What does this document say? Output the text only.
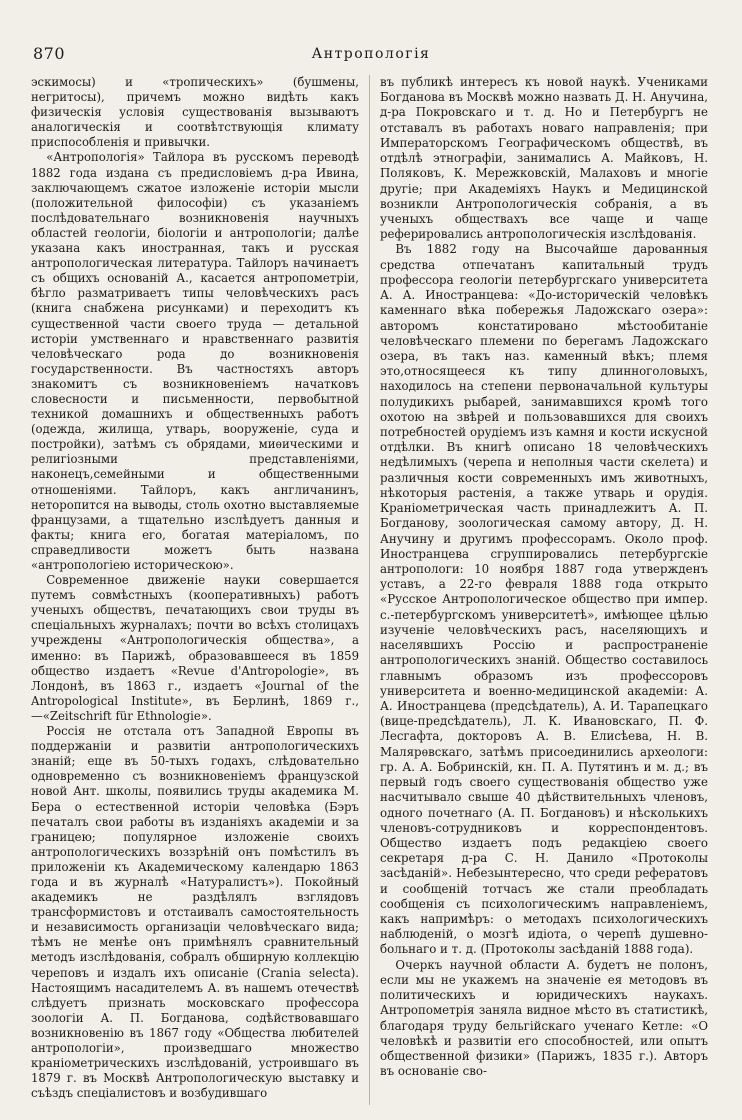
870	Антропологія

эскимосы) и «тропическихъ» (бушмены, негритосы), причемъ можно видѣть какъ физическія условія существованія вызываютъ аналогическія и соотвѣтствующія климату приспособленія и привычки.

«Антропологія» Тайлора въ русскомъ переводѣ 1882 года издана съ предисловіемъ д-ра Ивина, заключающемъ сжатое изложеніе исторіи мысли (положительной философіи) съ указаніемъ послѣдовательнаго возникновенія научныхъ областей геологіи, біологіи и антропологіи; далѣе указана какъ иностранная, такъ и русская антропологическая литература. Тайлоръ начинаетъ съ общихъ основаній А., касается антропометріи, бѣгло разматриваетъ типы человѣческихъ расъ (книга снабжена рисунками) и переходитъ къ существенной части своего труда — детальной исторіи умственнаго и нравственнаго развитія человѣческаго рода до возникновенія государственности. Въ частностяхъ авторъ знакомитъ съ возникновеніемъ начатковъ словесности и письменности, первобытной техникой домашнихъ и общественныхъ работъ (одежда, жилища, утварь, вооруженіе, суда и постройки), затѣмъ съ обрядами, миѳическими и религіозными представленіями, наконецъ,семейными и общественными отношеніями. Тайлоръ, какъ англичанинъ, неторопится на выводы, столь охотно выставляемые французами, а тщательно изслѣдуетъ данныя и факты; книга его, богатая матеріаломъ, по справедливости можетъ быть названа «антропологіею историческою».

Современное движеніе науки совершается путемъ совмѣстныхъ (кооперативныхъ) работъ ученыхъ обществъ, печатающихъ свои труды въ спеціальныхъ журналахъ; почти во всѣхъ столицахъ учреждены «Антропологическія общества», а именно: въ Парижѣ, образовавшееся въ 1859 общество издаетъ «Revue d'Antropologie», въ Лондонѣ, въ 1863 г., издаетъ «Journal of the Antropological Institute», въ Берлинѣ, 1869 г.,—«Zeitschrift für Ethnologie».

Россія не отстала отъ Западной Европы въ поддержаніи и развитіи антропологическихъ знаній; еще въ 50-тыхъ годахъ, слѣдовательно одновременно съ возникновеніемъ французской новой Ант. школы, появились труды академика М. Бера о естественной исторіи человѣка (Бэръ печаталъ свои работы въ изданіяхъ академіи и за границею; популярное изложеніе своихъ антропологическихъ воззрѣній онъ помѣстилъ въ приложеніи къ Академическому календарю 1863 года и въ журналѣ «Натуралистъ»). Покойный академикъ не раздѣлялъ взглядовъ трансформистовъ и отстаивалъ самостоятельность и независимость организаціи человѣческаго вида; тѣмъ не менѣе онъ примѣнялъ сравнительный методъ изслѣдованія, собралъ обширную коллекцію череповъ и издалъ ихъ описаніе (Crania selecta). Настоящимъ насадителемъ А. въ нашемъ отечествѣ слѣдуетъ признать московскаго профессора зоологіи А. П. Богданова, содѣйствовавшаго возникновенію въ 1867 году «Общества любителей антропологіи», произведшаго множество краніометрическихъ изслѣдованій, устроившаго въ 1879 г. въ Москвѣ Антропологическую выставку и съѣздъ спеціалистовъ и возбудившаго

въ публикѣ интересъ къ новой наукѣ. Учениками Богданова въ Москвѣ можно назвать Д. Н. Анучина, д-ра Покровскаго и т. д. Но и Петербургъ не отставалъ въ работахъ новаго направленія; при Императорскомъ Географическомъ обществѣ, въ отдѣлѣ этнографіи, занимались А. Майковъ, Н. Поляковъ, К. Мережковскій, Малаховъ и многіе другіе; при Академіяхъ Наукъ и Медицинской возникли Антропологическія собранія, а въ ученыхъ обществахъ все чаще и чаще реферировались антропологическія изслѣдованія.

Въ 1882 году на Высочайше дарованныя средства отпечатанъ капитальный трудъ профессора геологіи петербургскаго университета А. А. Иностранцева: «До-историческій человѣкъ каменнаго вѣка побережья Ладожскаго озера»: авторомъ констатировано мѣстообитаніе человѣческаго племени по берегамъ Ладожскаго озера, въ такъ наз. каменный вѣкъ; племя это,относящееся къ типу длинноголовыхъ, находилось на степени первоначальной культуры полудикихъ рыбарей, занимавшихся кромѣ того охотою на звѣрей и пользовавшихся для своихъ потребностей орудіемъ изъ камня и кости искусной отдѣлки. Въ книгѣ описано 18 человѣческихъ недѣлимыхъ (черепа и неполныя части скелета) и различныя кости современныхъ имъ животныхъ, нѣкоторыя растенія, а также утварь и орудія. Краніометрическая часть принадлежитъ А. П. Богданову, зоологическая самому автору, Д. Н. Анучину и другимъ профессорамъ. Около проф. Иностранцева сгруппировались петербургскіе антропологи: 10 ноября 1887 года утвержденъ уставъ, а 22-го февраля 1888 года открыто «Русское Антропологическое общество при импер. с.-петербургскомъ университетѣ», имѣющее цѣлью изученіе человѣческихъ расъ, населяющихъ и населявшихъ Россію и распространеніе антропологическихъ знаній. Общество составилось главнымъ образомъ изъ профессоровъ университета и военно-медицинской академіи: А. А. Иностранцева (предсѣдатель), А. И. Тарапецкаго (вице-предсѣдатель), Л. К. Ивановскаго, П. Ф. Лесгафта, докторовъ А. В. Елисѣева, Н. В. Малярѳвскаго, затѣмъ присоединились археологи: гр. А. А. Бобринскій, кн. П. А. Путятинъ и м. д.; въ первый годъ своего существованія общество уже насчитывало свыше 40 дѣйствительныхъ членовъ, одного почетнаго (А. П. Богдановъ) и нѣсколькихъ членовъ-сотрудниковъ и корреспондентовъ. Общество издаетъ подъ редакціею своего секретаря д-ра С. Н. Данило «Протоколы засѣданій». Небезынтересно, что среди рефератовъ и сообщеній тотчасъ же стали преобладать сообщенія съ психологическимъ направленіемъ, какъ напримѣръ: о методахъ психологическихъ наблюденій, о мозгѣ идіота, о черепѣ душевно-больнаго и т. д. (Протоколы засѣданій 1888 года).

Очеркъ научной области А. будетъ не полонъ, если мы не укажемъ на значеніе ея методовъ въ политическихъ и юридическихъ наукахъ. Антропометрія заняла видное мѣсто въ статистикѣ, благодаря труду бельгійскаго ученаго Кетле: «О человѣкѣ и развитіи его способностей, или опытъ общественной физики» (Парижъ, 1835 г.). Авторъ въ основаніе сво-
